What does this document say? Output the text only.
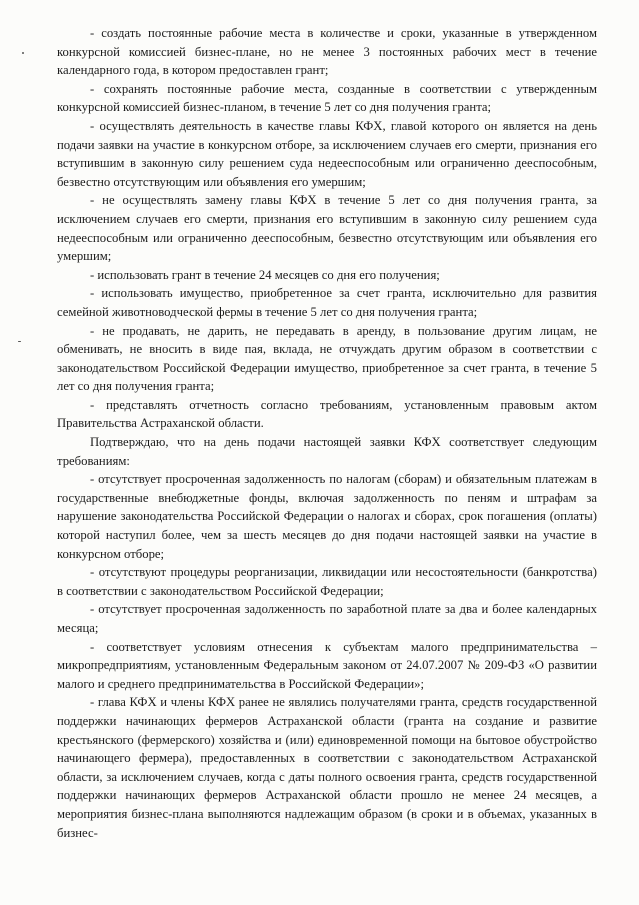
- создать постоянные рабочие места в количестве и сроки, указанные в утвержденном конкурсной комиссией бизнес-плане, но не менее 3 постоянных рабочих мест в течение календарного года, в котором предоставлен грант;

- сохранять постоянные рабочие места, созданные в соответствии с утвержденным конкурсной комиссией бизнес-планом, в течение 5 лет со дня получения гранта;

- осуществлять деятельность в качестве главы КФХ, главой которого он является на день подачи заявки на участие в конкурсном отборе, за исключением случаев его смерти, признания его вступившим в законную силу решением суда недееспособным или ограниченно дееспособным, безвестно отсутствующим или объявления его умершим;

- не осуществлять замену главы КФХ в течение 5 лет со дня получения гранта, за исключением случаев его смерти, признания его вступившим в законную силу решением суда недееспособным или ограниченно дееспособным, безвестно отсутствующим или объявления его умершим;

- использовать грант в течение 24 месяцев со дня его получения;

- использовать имущество, приобретенное за счет гранта, исключительно для развития семейной животноводческой фермы в течение 5 лет со дня получения гранта;

- не продавать, не дарить, не передавать в аренду, в пользование другим лицам, не обменивать, не вносить в виде пая, вклада, не отчуждать другим образом в соответствии с законодательством Российской Федерации имущество, приобретенное за счет гранта, в течение 5 лет со дня получения гранта;

- представлять отчетность согласно требованиям, установленным правовым актом Правительства Астраханской области.

Подтверждаю, что на день подачи настоящей заявки КФХ соответствует следующим требованиям:

- отсутствует просроченная задолженность по налогам (сборам) и обязательным платежам в государственные внебюджетные фонды, включая задолженность по пеням и штрафам за нарушение законодательства Российской Федерации о налогах и сборах, срок погашения (оплаты) которой наступил более, чем за шесть месяцев до дня подачи настоящей заявки на участие в конкурсном отборе;

- отсутствуют процедуры реорганизации, ликвидации или несостоятельности (банкротства) в соответствии с законодательством Российской Федерации;

- отсутствует просроченная задолженность по заработной плате за два и более календарных месяца;

- соответствует условиям отнесения к субъектам малого предпринимательства – микропредприятиям, установленным Федеральным законом от 24.07.2007 № 209-ФЗ «О развитии малого и среднего предпринимательства в Российской Федерации»;

- глава КФХ и члены КФХ ранее не являлись получателями гранта, средств государственной поддержки начинающих фермеров Астраханской области (гранта на создание и развитие крестьянского (фермерского) хозяйства и (или) единовременной помощи на бытовое обустройство начинающего фермера), предоставленных в соответствии с законодательством Астраханской области, за исключением случаев, когда с даты полного освоения гранта, средств государственной поддержки начинающих фермеров Астраханской области прошло не менее 24 месяцев, а мероприятия бизнес-плана выполняются надлежащим образом (в сроки и в объемах, указанных в бизнес-
